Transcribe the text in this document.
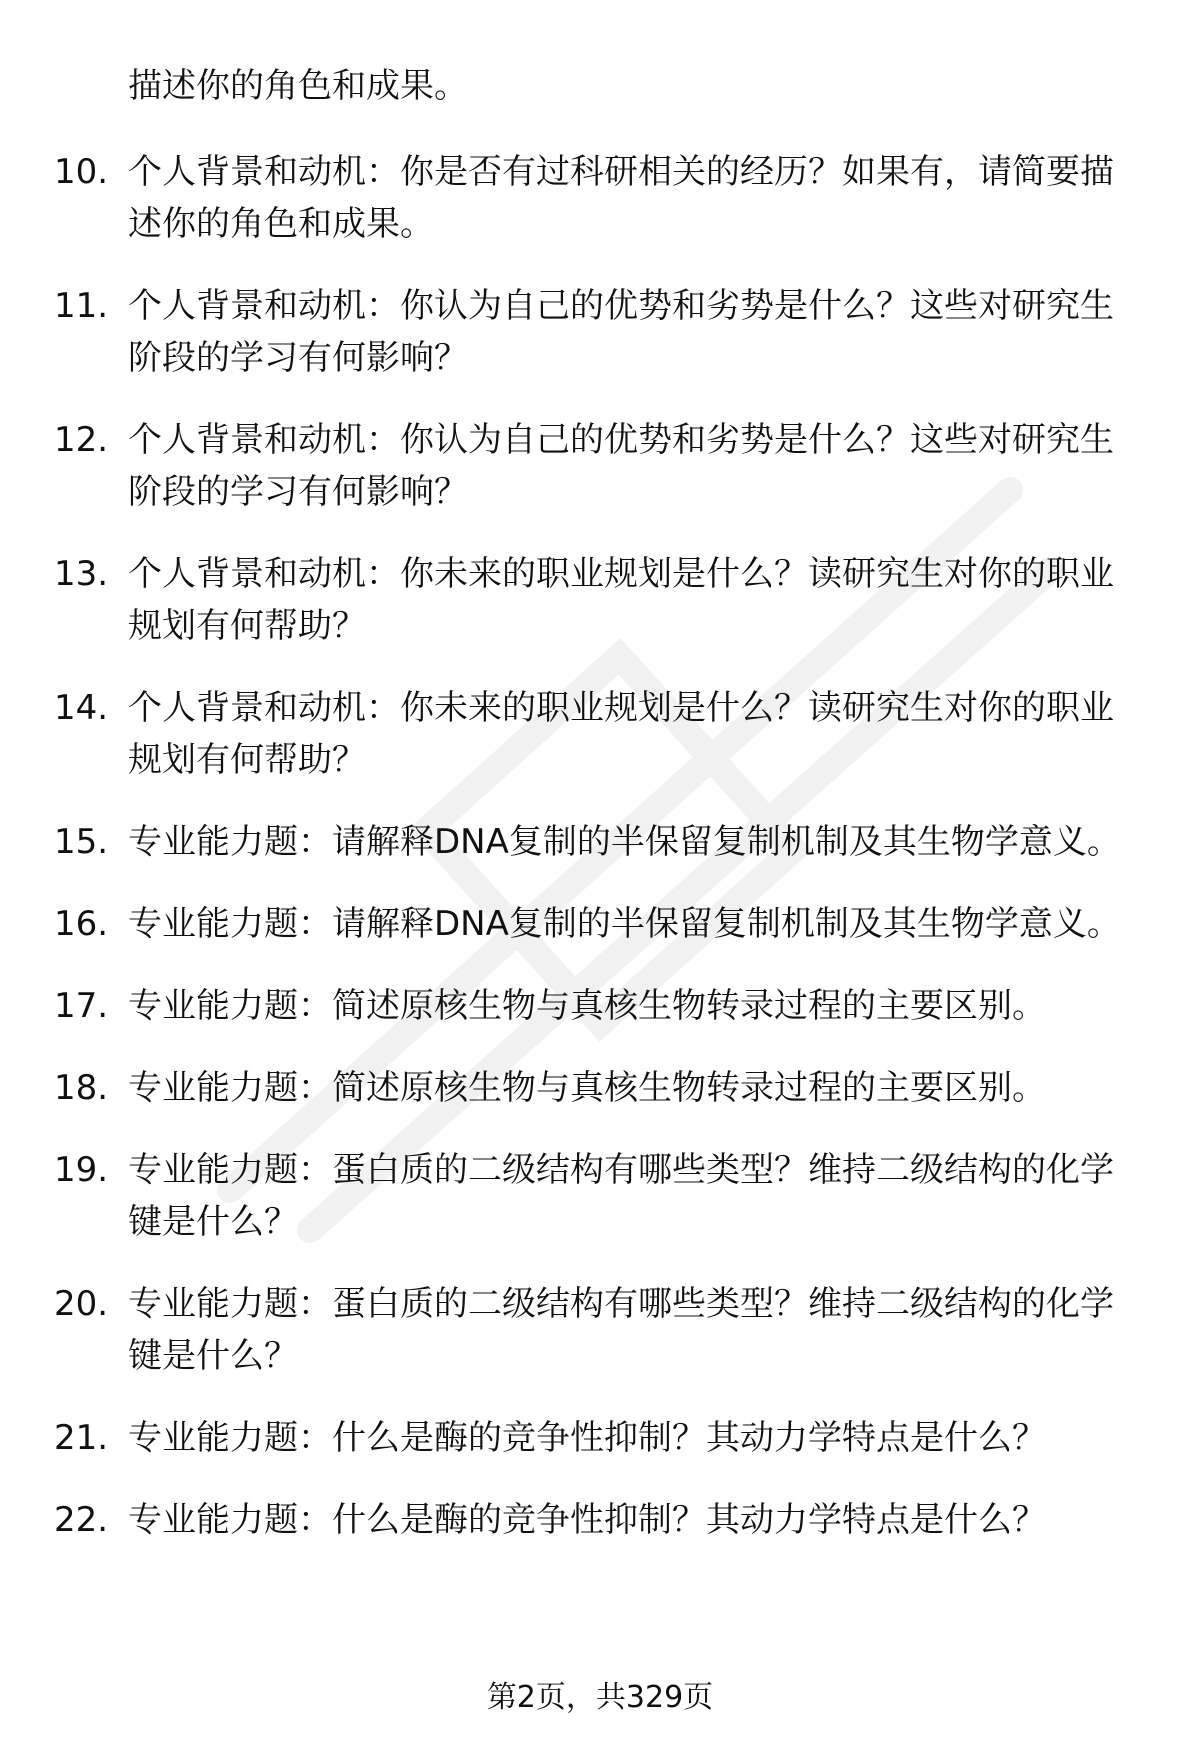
描述你的角色和成果。

10. 个人背景和动机：你是否有过科研相关的经历？如果有，请简要描述你的角色和成果。
11. 个人背景和动机：你认为自己的优势和劣势是什么？这些对研究生阶段的学习有何影响？
12. 个人背景和动机：你认为自己的优势和劣势是什么？这些对研究生阶段的学习有何影响？
13. 个人背景和动机：你未来的职业规划是什么？读研究生对你的职业规划有何帮助？
14. 个人背景和动机：你未来的职业规划是什么？读研究生对你的职业规划有何帮助？
15. 专业能力题：请解释DNA复制的半保留复制机制及其生物学意义。
16. 专业能力题：请解释DNA复制的半保留复制机制及其生物学意义。
17. 专业能力题：简述原核生物与真核生物转录过程的主要区别。
18. 专业能力题：简述原核生物与真核生物转录过程的主要区别。
19. 专业能力题：蛋白质的二级结构有哪些类型？维持二级结构的化学键是什么？
20. 专业能力题：蛋白质的二级结构有哪些类型？维持二级结构的化学键是什么？
21. 专业能力题：什么是酶的竞争性抑制？其动力学特点是什么？
22. 专业能力题：什么是酶的竞争性抑制？其动力学特点是什么？
第2页，共329页
